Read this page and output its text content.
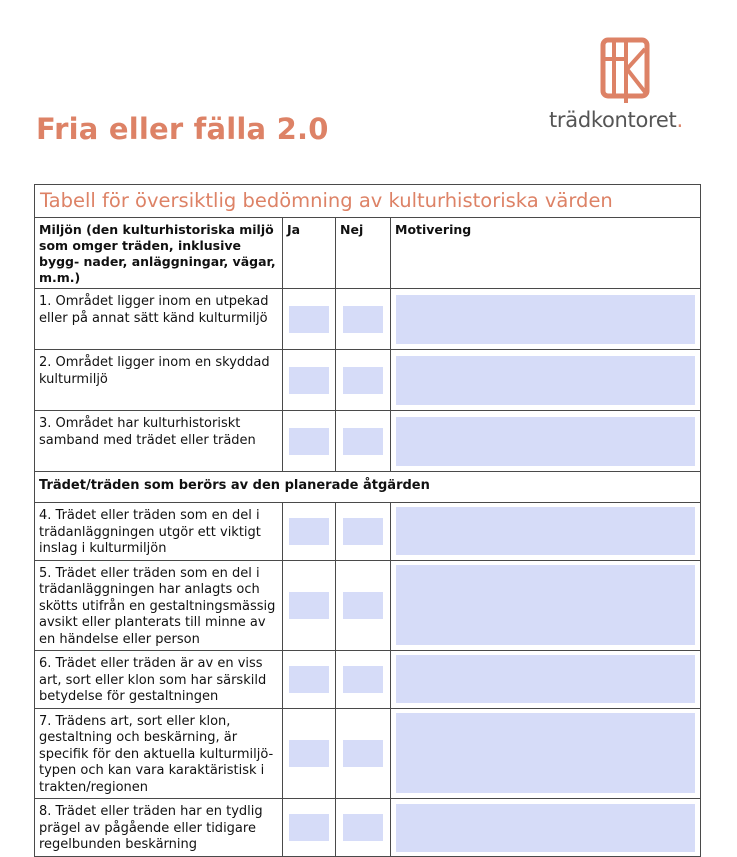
Fria eller fälla 2.0	trädkontoret.
Tabell för översiktlig bedömning av kulturhistoriska värden			
Miljön (den kulturhistoriska miljö som omger träden, inklusive bygg- nader, anläggningar, vägar, m.m.)	Ja	Nej	Motivering
1. Området ligger inom en utpekad eller på annat sätt känd kulturmiljö	

2. Området ligger inom en skyddad kulturmiljö	

3. Området har kulturhistoriskt samband med trädet eller träden	

Trädet/träden som berörs av den planerade åtgärden			
4. Trädet eller träden som en del i trädanläggningen utgör ett viktigt inslag i kulturmiljön	

5. Trädet eller träden som en del i trädanläggningen har anlagts och skötts utifrån en gestaltningsmässig avsikt eller planterats till minne av en händelse eller person	

6. Trädet eller träden är av en viss art, sort eller klon som har särskild betydelse för gestaltningen	

7. Trädens art, sort eller klon, gestaltning och beskärning, är specifik för den aktuella kulturmiljö- typen och kan vara karaktäristisk i trakten/regionen	

8. Trädet eller träden har en tydlig prägel av pågående eller tidigare regelbunden beskärning	
